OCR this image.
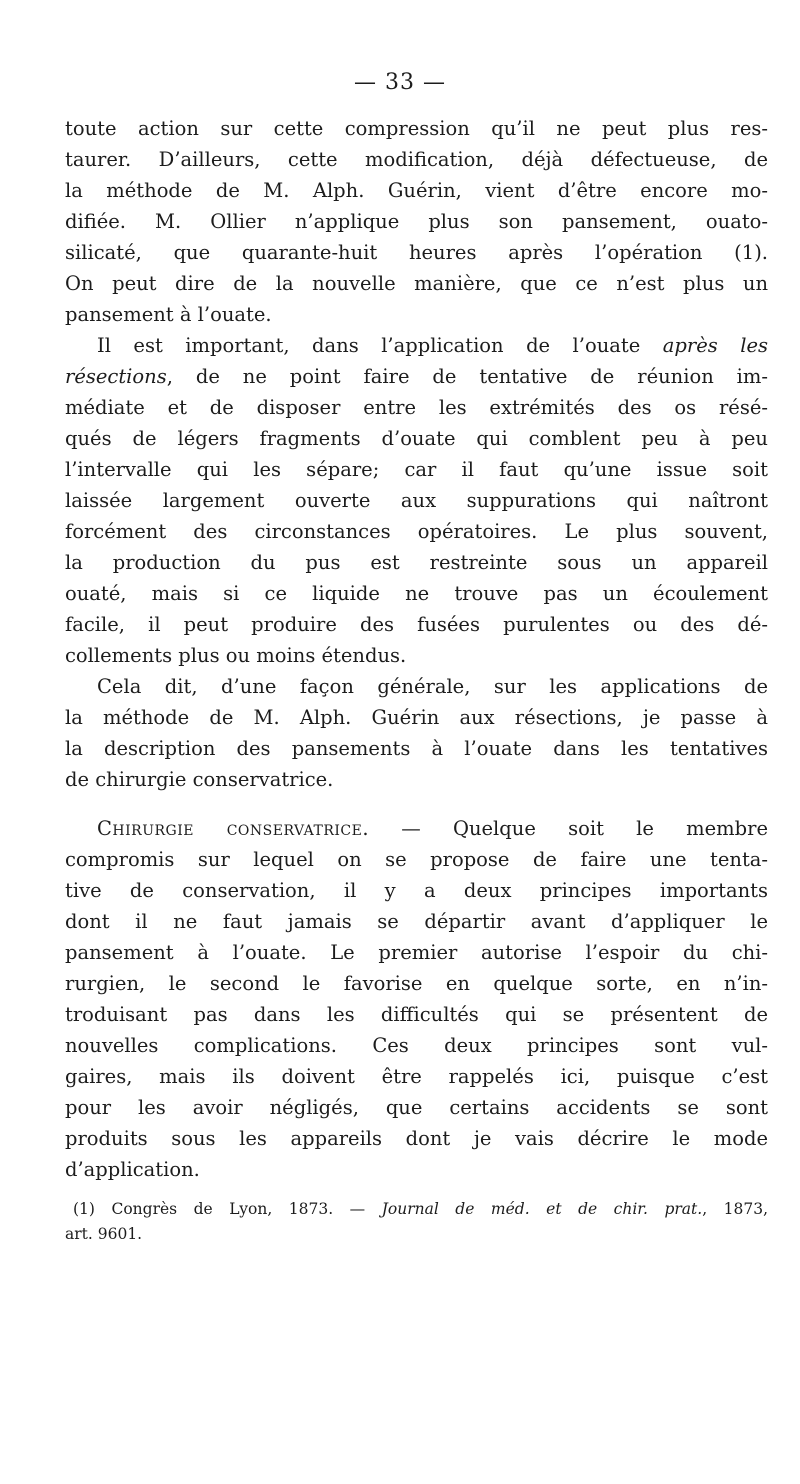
— 33 —
toute action sur cette compression qu’il ne peut plus res-
taurer. D’ailleurs, cette modification, déjà défectueuse, de
la méthode de M. Alph. Guérin, vient d’être encore mo-
difiée. M. Ollier n’applique plus son pansement, ouato-
silicaté, que quarante-huit heures après l’opération (1).
On peut dire de la nouvelle manière, que ce n’est plus un
pansement à l’ouate.
Il est important, dans l’application de l’ouate après les
résections, de ne point faire de tentative de réunion im-
médiate et de disposer entre les extrémités des os résé-
qués de légers fragments d’ouate qui comblent peu à peu
l’intervalle qui les sépare; car il faut qu’une issue soit
laissée largement ouverte aux suppurations qui naîtront
forcément des circonstances opératoires. Le plus souvent,
la production du pus est restreinte sous un appareil
ouaté, mais si ce liquide ne trouve pas un écoulement
facile, il peut produire des fusées purulentes ou des dé-
collements plus ou moins étendus.
Cela dit, d’une façon générale, sur les applications de
la méthode de M. Alph. Guérin aux résections, je passe à
la description des pansements à l’ouate dans les tentatives
de chirurgie conservatrice.
Chirurgie conservatrice. — Quelque soit le membre
compromis sur lequel on se propose de faire une tenta-
tive de conservation, il y a deux principes importants
dont il ne faut jamais se départir avant d’appliquer le
pansement à l’ouate. Le premier autorise l’espoir du chi-
rurgien, le second le favorise en quelque sorte, en n’in-
troduisant pas dans les difficultés qui se présentent de
nouvelles complications. Ces deux principes sont vul-
gaires, mais ils doivent être rappelés ici, puisque c’est
pour les avoir négligés, que certains accidents se sont
produits sous les appareils dont je vais décrire le mode
d’application.
(1) Congrès de Lyon, 1873. — Journal de méd. et de chir. prat., 1873,
art. 9601.
